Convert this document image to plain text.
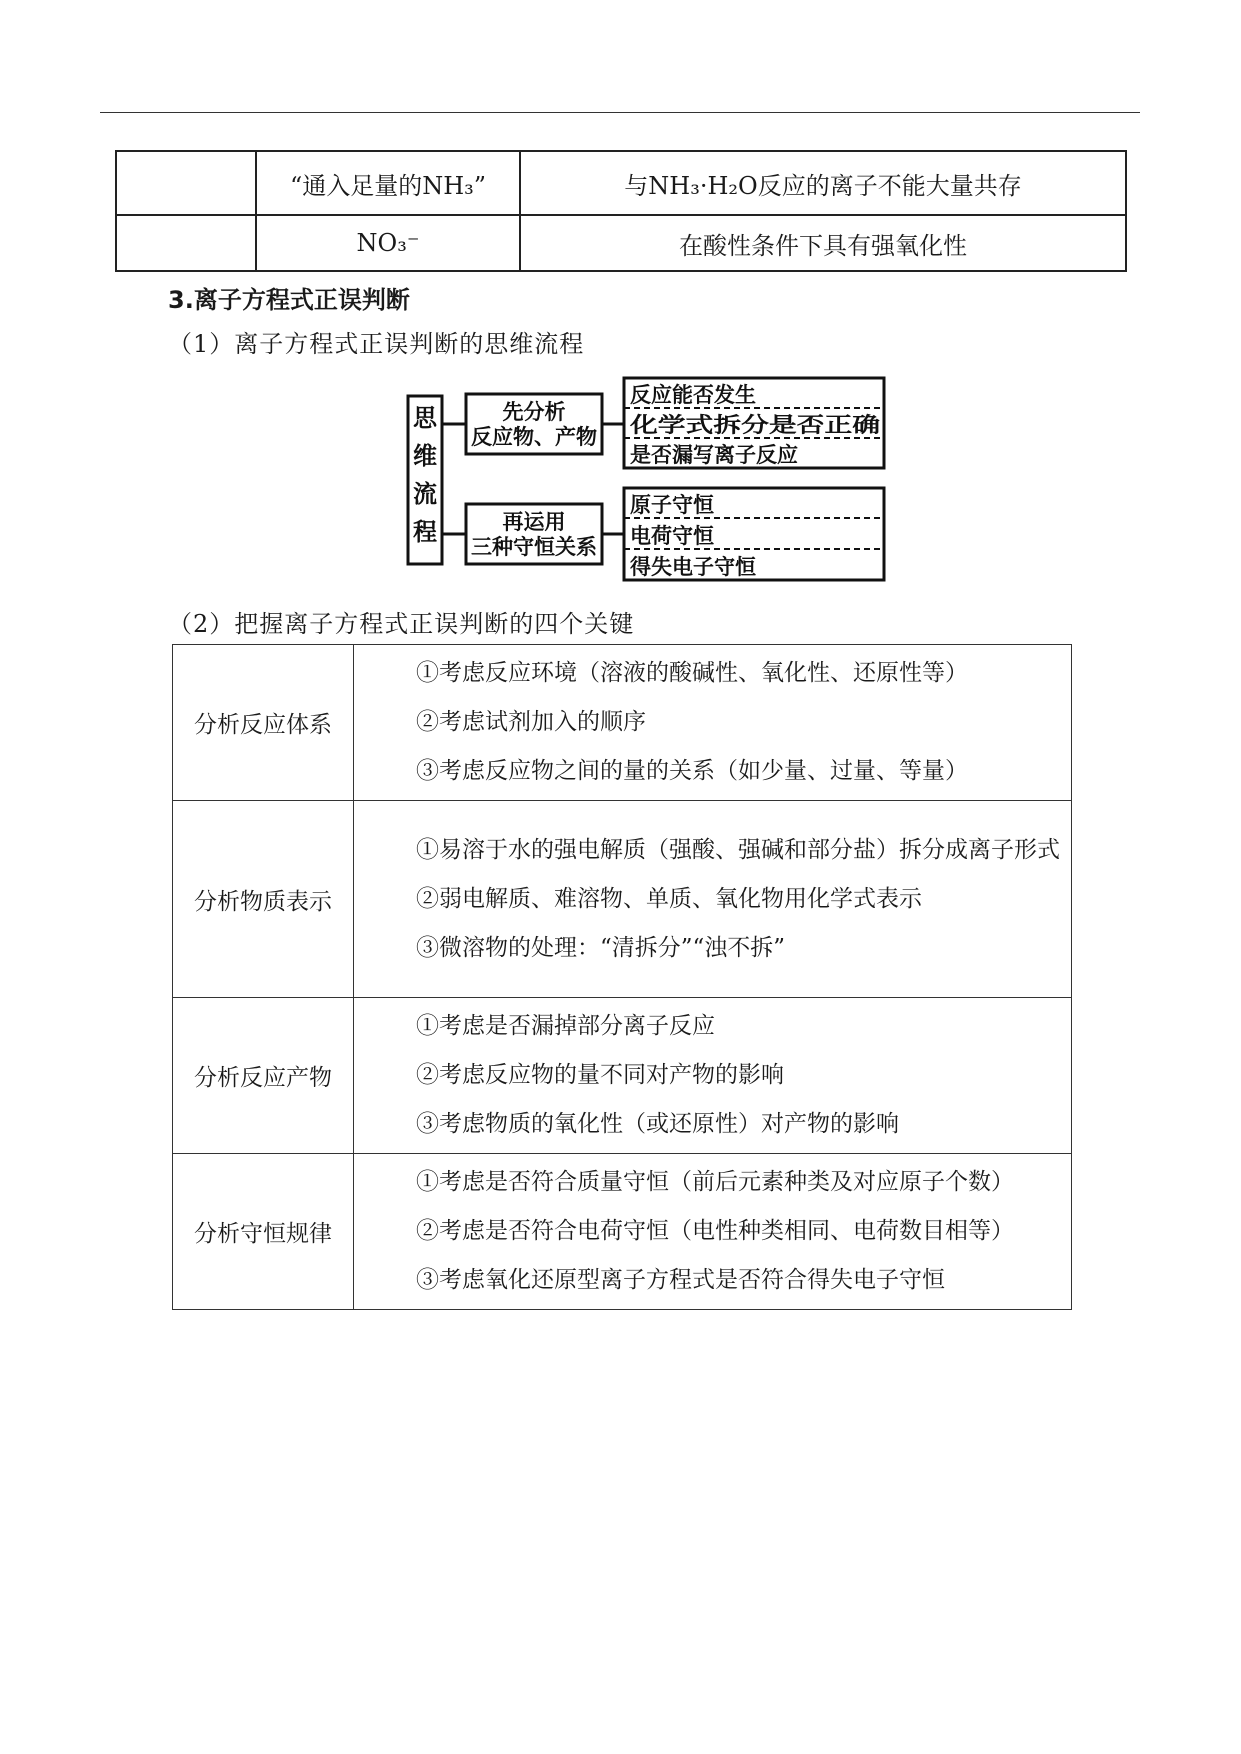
	“通入足量的NH₃”	与NH₃·H₂O反应的离子不能大量共存
	NO₃⁻	在酸性条件下具有强氧化性
3.离子方程式正误判断
（1）离子方程式正误判断的思维流程
思
维
流
程
先分析
反应物、产物
再运用
三种守恒关系
反应能否发生
化学式拆分是否正确
是否漏写离子反应
原子守恒
电荷守恒
得失电子守恒
（2）把握离子方程式正误判断的四个关键
分析反应体系	①考虑反应环境（溶液的酸碱性、氧化性、还原性等）
②考虑试剂加入的顺序
③考虑反应物之间的量的关系（如少量、过量、等量）

分析物质表示	①易溶于水的强电解质（强酸、强碱和部分盐）拆分成离子形式
②弱电解质、难溶物、单质、氧化物用化学式表示
③微溶物的处理：“清拆分”“浊不拆”

分析反应产物	①考虑是否漏掉部分离子反应
②考虑反应物的量不同对产物的影响
③考虑物质的氧化性（或还原性）对产物的影响

分析守恒规律	①考虑是否符合质量守恒（前后元素种类及对应原子个数）
②考虑是否符合电荷守恒（电性种类相同、电荷数目相等）
③考虑氧化还原型离子方程式是否符合得失电子守恒
